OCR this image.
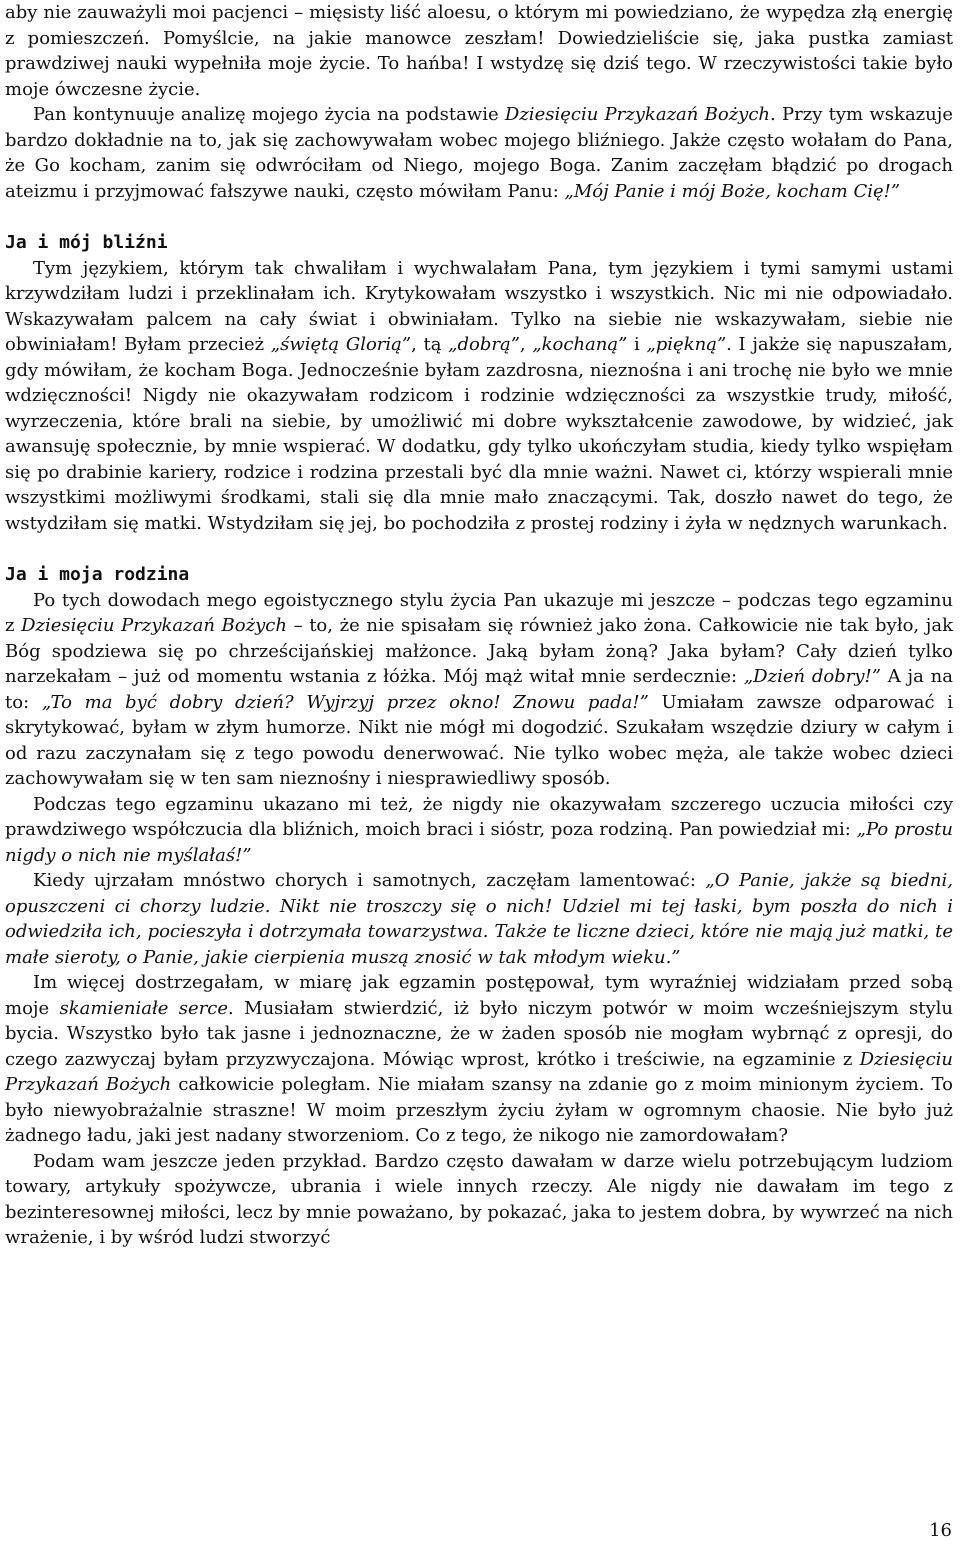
aby nie zauważyli moi pacjenci – mięsisty liść aloesu, o którym mi powiedziano, że wypędza złą energię z pomieszczeń. Pomyślcie, na jakie manowce zeszłam! Dowiedzieliście się, jaka pustka zamiast prawdziwej nauki wypełniła moje życie. To hańba! I wstydzę się dziś tego. W rzeczywistości takie było moje ówczesne życie.

Pan kontynuuje analizę mojego życia na podstawie Dziesięciu Przykazań Bożych. Przy tym wskazuje bardzo dokładnie na to, jak się zachowywałam wobec mojego bliźniego. Jakże często wołałam do Pana, że Go kocham, zanim się odwróciłam od Niego, mojego Boga. Zanim zaczęłam błądzić po drogach ateizmu i przyjmować fałszywe nauki, często mówiłam Panu: „Mój Panie i mój Boże, kocham Cię!”

Ja i mój bliźni

Tym językiem, którym tak chwaliłam i wychwalałam Pana, tym językiem i tymi samymi ustami krzywdziłam ludzi i przeklinałam ich. Krytykowałam wszystko i wszystkich. Nic mi nie odpowiadało. Wskazywałam palcem na cały świat i obwiniałam. Tylko na siebie nie wskazywałam, siebie nie obwiniałam! Byłam przecież „świętą Glorią”, tą „dobrą”, „kochaną” i „piękną”. I jakże się napuszałam, gdy mówiłam, że kocham Boga. Jednocześnie byłam zazdrosna, nieznośna i ani trochę nie było we mnie wdzięczności! Nigdy nie okazywałam rodzicom i rodzinie wdzięczności za wszystkie trudy, miłość, wyrzeczenia, które brali na siebie, by umożliwić mi dobre wykształcenie zawodowe, by widzieć, jak awansuję społecznie, by mnie wspierać. W dodatku, gdy tylko ukończyłam studia, kiedy tylko wspięłam się po drabinie kariery, rodzice i rodzina przestali być dla mnie ważni. Nawet ci, którzy wspierali mnie wszystkimi możliwymi środkami, stali się dla mnie mało znaczącymi. Tak, doszło nawet do tego, że wstydziłam się matki. Wstydziłam się jej, bo pochodziła z prostej rodziny i żyła w nędznych warunkach.

Ja i moja rodzina

Po tych dowodach mego egoistycznego stylu życia Pan ukazuje mi jeszcze – podczas tego egzaminu z Dziesięciu Przykazań Bożych – to, że nie spisałam się również jako żona. Całkowicie nie tak było, jak Bóg spodziewa się po chrześcijańskiej małżonce. Jaką byłam żoną? Jaka byłam? Cały dzień tylko narzekałam – już od momentu wstania z łóżka. Mój mąż witał mnie serdecznie: „Dzień dobry!” A ja na to: „To ma być dobry dzień? Wyjrzyj przez okno! Znowu pada!” Umiałam zawsze odparować i skrytykować, byłam w złym humorze. Nikt nie mógł mi dogodzić. Szukałam wszędzie dziury w całym i od razu zaczynałam się z tego powodu denerwować. Nie tylko wobec męża, ale także wobec dzieci zachowywałam się w ten sam nieznośny i niesprawiedliwy sposób.

Podczas tego egzaminu ukazano mi też, że nigdy nie okazywałam szczerego uczucia miłości czy prawdziwego współczucia dla bliźnich, moich braci i sióstr, poza rodziną. Pan powiedział mi: „Po prostu nigdy o nich nie myślałaś!”

Kiedy ujrzałam mnóstwo chorych i samotnych, zaczęłam lamentować: „O Panie, jakże są biedni, opuszczeni ci chorzy ludzie. Nikt nie troszczy się o nich! Udziel mi tej łaski, bym poszła do nich i odwiedziła ich, pocieszyła i dotrzymała towarzystwa. Także te liczne dzieci, które nie mają już matki, te małe sieroty, o Panie, jakie cierpienia muszą znosić w tak młodym wieku.”

Im więcej dostrzegałam, w miarę jak egzamin postępował, tym wyraźniej widziałam przed sobą moje skamieniałe serce. Musiałam stwierdzić, iż było niczym potwór w moim wcześniejszym stylu bycia. Wszystko było tak jasne i jednoznaczne, że w żaden sposób nie mogłam wybrnąć z opresji, do czego zazwyczaj byłam przyzwyczajona. Mówiąc wprost, krótko i treściwie, na egzaminie z Dziesięciu Przykazań Bożych całkowicie poległam. Nie miałam szansy na zdanie go z moim minionym życiem. To było niewyobrażalnie straszne! W moim przeszłym życiu żyłam w ogromnym chaosie. Nie było już żadnego ładu, jaki jest nadany stworzeniom. Co z tego, że nikogo nie zamordowałam?

Podam wam jeszcze jeden przykład. Bardzo często dawałam w darze wielu potrzebującym ludziom towary, artykuły spożywcze, ubrania i wiele innych rzeczy. Ale nigdy nie dawałam im tego z bezinteresownej miłości, lecz by mnie poważano, by pokazać, jaka to jestem dobra, by wywrzeć na nich wrażenie, i by wśród ludzi stworzyć

16
